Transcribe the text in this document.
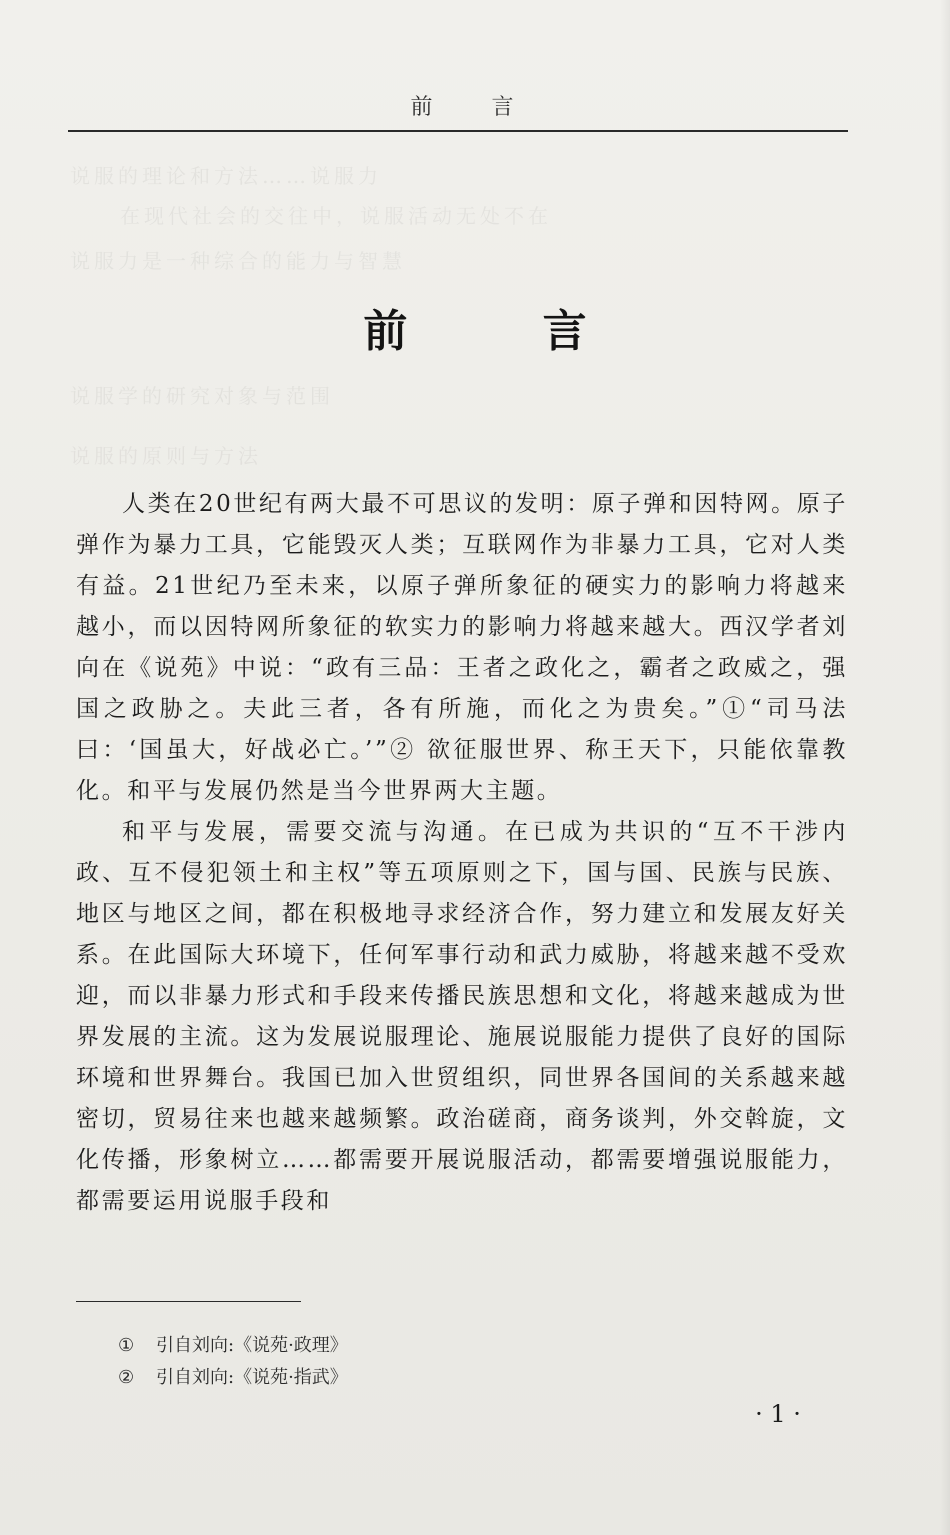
说服的理论和方法……说服力
在现代社会的交往中，说服活动无处不在
说服力是一种综合的能力与智慧
说服学的研究对象与范围
说服的原则与方法
前 言
前 言

人类在20世纪有两大最不可思议的发明：原子弹和因特网。原子弹作为暴力工具，它能毁灭人类；互联网作为非暴力工具，它对人类有益。21世纪乃至未来，以原子弹所象征的硬实力的影响力将越来越小，而以因特网所象征的软实力的影响力将越来越大。西汉学者刘向在《说苑》中说：“政有三品：王者之政化之，霸者之政威之，强国之政胁之。夫此三者，各有所施，而化之为贵矣。”①“司马法曰：‘国虽大，好战必亡。’”② 欲征服世界、称王天下，只能依靠教化。和平与发展仍然是当今世界两大主题。

和平与发展，需要交流与沟通。在已成为共识的“互不干涉内政、互不侵犯领土和主权”等五项原则之下，国与国、民族与民族、地区与地区之间，都在积极地寻求经济合作，努力建立和发展友好关系。在此国际大环境下，任何军事行动和武力威胁，将越来越不受欢迎，而以非暴力形式和手段来传播民族思想和文化，将越来越成为世界发展的主流。这为发展说服理论、施展说服能力提供了良好的国际环境和世界舞台。我国已加入世贸组织，同世界各国间的关系越来越密切，贸易往来也越来越频繁。政治磋商，商务谈判，外交斡旋，文化传播，形象树立……都需要开展说服活动，都需要增强说服能力，都需要运用说服手段和

① 引自刘向:《说苑·政理》
② 引自刘向:《说苑·指武》
· 1 ·
